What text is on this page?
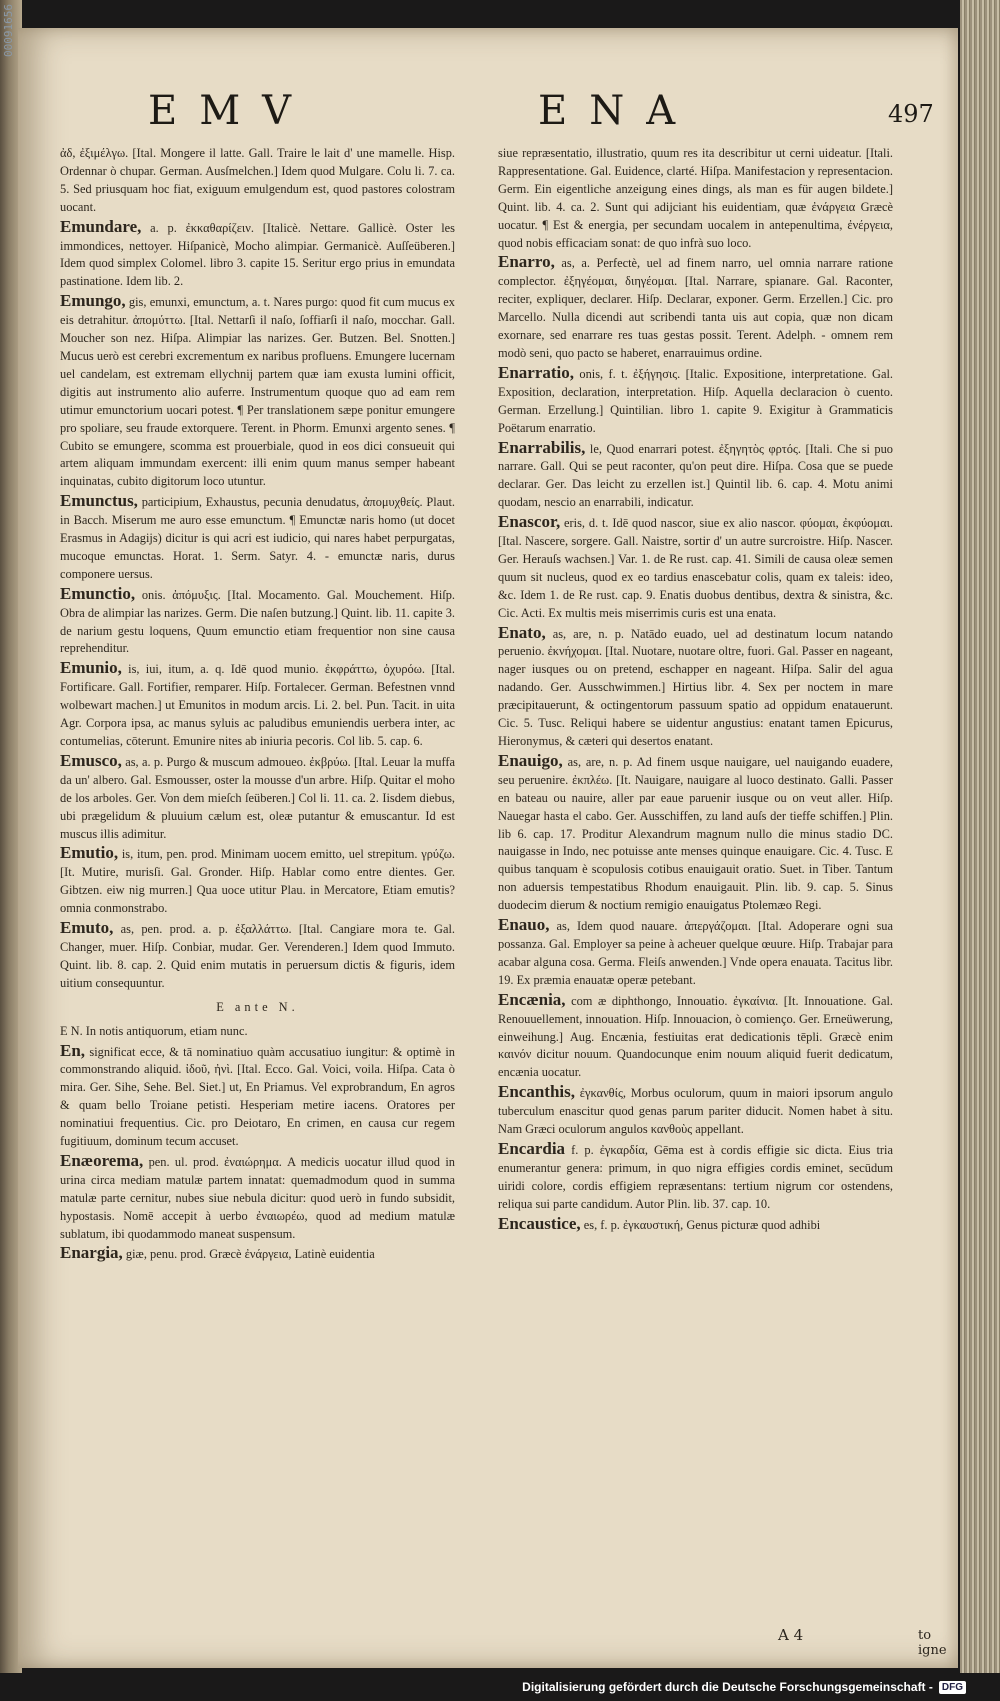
00091656
EMV	ENA	497

ἀδ, ἐξιμέλγω. [Ital. Mongere il latte. Gall. Traire le lait d' une mamelle. Hisp. Ordennar ò chupar. German. Ausſmelchen.] Idem quod Mulgare. Colu li. 7. ca. 5. Sed priusquam hoc fiat, exiguum emulgendum est, quod pastores colostram uocant.

Emundare, a. p. ἐκκαθαρίζειν. [Italicè. Nettare. Gallicè. Oster les immondices, nettoyer. Hiſpanicè, Mocho alimpiar. Germanicè. Auſſeüberen.] Idem quod simplex Colomel. libro 3. capite 15. Seritur ergo prius in emundata pastinatione. Idem lib. 2.

Emungo, gis, emunxi, emunctum, a. t. Nares purgo: quod fit cum mucus ex eis detrahitur. ἀπομύττω. [Ital. Nettarſi il naſo, ſoffiarſi il naſo, mocchar. Gall. Moucher son nez. Hiſpa. Alimpiar las narizes. Ger. Butzen. Bel. Snotten.] Mucus uerò est cerebri excrementum ex naribus profluens. Emungere lucernam uel candelam, est extremam ellychnij partem quæ iam exusta lumini officit, digitis aut instrumento alio auferre. Instrumentum quoque quo ad eam rem utimur emunctorium uocari potest. ¶ Per translationem sæpe ponitur emungere pro spoliare, seu fraude extorquere. Terent. in Phorm. Emunxi argento senes. ¶ Cubito se emungere, scomma est prouerbiale, quod in eos dici consueuit qui artem aliquam immundam exercent: illi enim quum manus semper habeant inquinatas, cubito digitorum loco utuntur.

Emunctus, participium, Exhaustus, pecunia denudatus, ἀπομυχθείς. Plaut. in Bacch. Miserum me auro esse emunctum. ¶ Emunctæ naris homo (ut docet Erasmus in Adagijs) dicitur is qui acri est iudicio, qui nares habet perpurgatas, mucoque emunctas. Horat. 1. Serm. Satyr. 4. - emunctæ naris, durus componere uersus.

Emunctio, onis. ἀπόμυξις. [Ital. Mocamento. Gal. Mouchement. Hiſp. Obra de alimpiar las narizes. Germ. Die naſen butzung.] Quint. lib. 11. capite 3. de narium gestu loquens, Quum emunctio etiam frequentior non sine causa reprehenditur.

Emunio, is, iui, itum, a. q. Idē quod munio. ἐκφράττω, ὀχυρόω. [Ital. Fortificare. Gall. Fortifier, remparer. Hiſp. Fortalecer. German. Befestnen vnnd wolbewart machen.] ut Emunitos in modum arcis. Li. 2. bel. Pun. Tacit. in uita Agr. Corpora ipsa, ac manus syluis ac paludibus emuniendis uerbera inter, ac contumelias, cōterunt. Emunire nites ab iniuria pecoris. Col lib. 5. cap. 6.

Emusco, as, a. p. Purgo & muscum admoueo. ἐκβρύω. [Ital. Leuar la muffa da un' albero. Gal. Esmousser, oster la mousse d'un arbre. Hiſp. Quitar el moho de los arboles. Ger. Von dem mieſch ſeüberen.] Col li. 11. ca. 2. Iisdem diebus, ubi prægelidum & pluuium cælum est, oleæ putantur & emuscantur. Id est muscus illis adimitur.

Emutio, is, itum, pen. prod. Minimam uocem emitto, uel strepitum. γρύζω. [It. Mutire, murisſi. Gal. Gronder. Hiſp. Hablar como entre dientes. Ger. Gibtzen. eiw nig murren.] Qua uoce utitur Plau. in Mercatore, Etiam emutis? omnia conmonstrabo.

Emuto, as, pen. prod. a. p. ἐξαλλάττω. [Ital. Cangiare mora te. Gal. Changer, muer. Hiſp. Conbiar, mudar. Ger. Verenderen.] Idem quod Immuto. Quint. lib. 8. cap. 2. Quid enim mutatis in peruersum dictis & figuris, idem uitium consequuntur.

E ante N.

E N. In notis antiquorum, etiam nunc.

En, significat ecce, & tā nominatiuo quàm accusatiuo iungitur: & optimè in commonstrando aliquid. ἰδοῦ, ἠνὶ. [Ital. Ecco. Gal. Voici, voila. Hiſpa. Cata ò mira. Ger. Sihe, Sehe. Bel. Siet.] ut, En Priamus. Vel exprobrandum, En agros & quam bello Troiane petisti. Hesperiam metire iacens. Oratores per nominatiui frequentius. Cic. pro Deiotaro, En crimen, en causa cur regem fugitiuum, dominum tecum accuset.

Enæorema, pen. ul. prod. ἐναιώρημα. A medicis uocatur illud quod in urina circa mediam matulæ partem innatat: quemadmodum quod in summa matulæ parte cernitur, nubes siue nebula dicitur: quod uerò in fundo subsidit, hypostasis. Nomē accepit à uerbo ἐναιωρέω, quod ad medium matulæ sublatum, ibi quodammodo maneat suspensum.

Enargia, giæ, penu. prod. Græcè ἐνάργεια, Latinè euidentia

siue repræsentatio, illustratio, quum res ita describitur ut cerni uideatur. [Itali. Rappresentatione. Gal. Euidence, clarté. Hiſpa. Manifestacion y representacion. Germ. Ein eigentliche anzeigung eines dings, als man es für augen bildete.] Quint. lib. 4. ca. 2. Sunt qui adijciant his euidentiam, quæ ἐνάργεια Græcè uocatur. ¶ Est & energia, per secundam uocalem in antepenultima, ἐνέργεια, quod nobis efficaciam sonat: de quo infrà suo loco.

Enarro, as, a. Perfectè, uel ad finem narro, uel omnia narrare ratione complector. ἐξηγέομαι, διηγέομαι. [Ital. Narrare, spianare. Gal. Raconter, reciter, expliquer, declarer. Hiſp. Declarar, exponer. Germ. Erzellen.] Cic. pro Marcello. Nulla dicendi aut scribendi tanta uis aut copia, quæ non dicam exornare, sed enarrare res tuas gestas possit. Terent. Adelph. - omnem rem modò seni, quo pacto se haberet, enarrauimus ordine.

Enarratio, onis, f. t. ἐξήγησις. [Italic. Expositione, interpretatione. Gal. Exposition, declaration, interpretation. Hiſp. Aquella declaracion ò cuento. German. Erzellung.] Quintilian. libro 1. capite 9. Exigitur à Grammaticis Poëtarum enarratio.

Enarrabilis, le, Quod enarrari potest. ἐξηγητὸς φρτός. [Itali. Che si puo narrare. Gall. Qui se peut raconter, qu'on peut dire. Hiſpa. Cosa que se puede declarar. Ger. Das leicht zu erzellen ist.] Quintil lib. 6. cap. 4. Motu animi quodam, nescio an enarrabili, indicatur.

Enascor, eris, d. t. Idē quod nascor, siue ex alio nascor. φύομαι, ἐκφύομαι. [Ital. Nascere, sorgere. Gall. Naistre, sortir d' un autre surcroistre. Hiſp. Nascer. Ger. Herauſs wachsen.] Var. 1. de Re rust. cap. 41. Simili de causa oleæ semen quum sit nucleus, quod ex eo tardius enascebatur colis, quam ex taleis: ideo, &c. Idem 1. de Re rust. cap. 9. Enatis duobus dentibus, dextra & sinistra, &c. Cic. Acti. Ex multis meis miserrimis curis est una enata.

Enato, as, are, n. p. Natādo euado, uel ad destinatum locum natando peruenio. ἐκνήχομαι. [Ital. Nuotare, nuotare oltre, fuori. Gal. Passer en nageant, nager iusques ou on pretend, eschapper en nageant. Hiſpa. Salir del agua nadando. Ger. Ausschwimmen.] Hirtius libr. 4. Sex per noctem in mare præcipitauerunt, & octingentorum passuum spatio ad oppidum enatauerunt. Cic. 5. Tusc. Reliqui habere se uidentur angustius: enatant tamen Epicurus, Hieronymus, & cæteri qui desertos enatant.

Enauigo, as, are, n. p. Ad finem usque nauigare, uel nauigando euadere, seu peruenire. ἐκπλέω. [It. Nauigare, nauigare al luoco destinato. Galli. Passer en bateau ou nauire, aller par eaue paruenir iusque ou on veut aller. Hiſp. Nauegar hasta el cabo. Ger. Ausschiffen, zu land auſs der tieffe schiffen.] Plin. lib 6. cap. 17. Proditur Alexandrum magnum nullo die minus stadio DC. nauigasse in Indo, nec potuisse ante menses quinque enauigare. Cic. 4. Tusc. E quibus tanquam è scopulosis cotibus enauigauit oratio. Suet. in Tiber. Tantum non aduersis tempestatibus Rhodum enauigauit. Plin. lib. 9. cap. 5. Sinus duodecim dierum & noctium remigio enauigatus Ptolemæo Regi.

Enauo, as, Idem quod nauare. ἀπεργάζομαι. [Ital. Adoperare ogni sua possanza. Gal. Employer sa peine à acheuer quelque œuure. Hiſp. Trabajar para acabar alguna cosa. Germa. Fleiſs anwenden.] Vnde opera enauata. Tacitus libr. 19. Ex præmia enauatæ operæ petebant.

Encænia, com æ diphthongo, Innouatio. ἐγκαίνια. [It. Innouatione. Gal. Renouuellement, innouation. Hiſp. Innouacion, ò comienço. Ger. Erneüwerung, einweihung.] Aug. Encænia, festiuitas erat dedicationis tēpli. Græcè enim καινόν dicitur nouum. Quandocunque enim nouum aliquid fuerit dedicatum, encænia uocatur.

Encanthis, ἐγκανθίς, Morbus oculorum, quum in maiori ipsorum angulo tuberculum enascitur quod genas parum pariter diducit. Nomen habet à situ. Nam Græci oculorum angulos κανθοὺς appellant.

Encardia f. p. ἐγκαρδία, Gēma est à cordis effigie sic dicta. Eius tria enumerantur genera: primum, in quo nigra effigies cordis eminet, secūdum uiridi colore, cordis effigiem repræsentans: tertium nigrum cor ostendens, reliqua sui parte candidum. Autor Plin. lib. 37. cap. 10.

Encaustice, es, f. p. ἐγκαυστική, Genus picturæ quod adhibi

A 4	to igne
Digitalisierung gefördert durch die Deutsche Forschungsgemeinschaft - DFG
